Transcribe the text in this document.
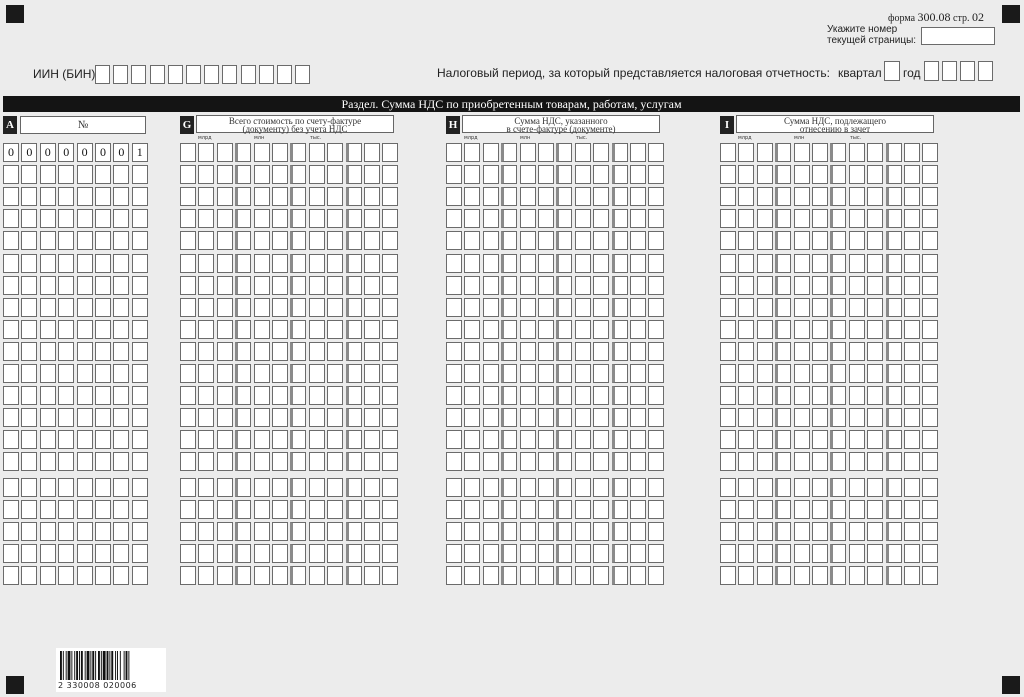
форма 300.08 стр. 02
Укажите номер
текущей страницы:
ИИН (БИН)	Налоговый период, за который представляется налоговая отчетность: квартал год
Раздел. Сумма НДС по приобретенным товарам, работам, услугам
A	№	G	Всего стоимость по счету-фактуре
(документу) без учета НДС	H	Сумма НДС, указанного
в счете-фактуре (документе)	I	Сумма НДС, подлежащего
отнесению в зачет
млрд	млн	тыс.	млрд	млн	тыс.	млрд	млн	тыс.
0	0	0	0	0	0	0	1
2 330008 020006
